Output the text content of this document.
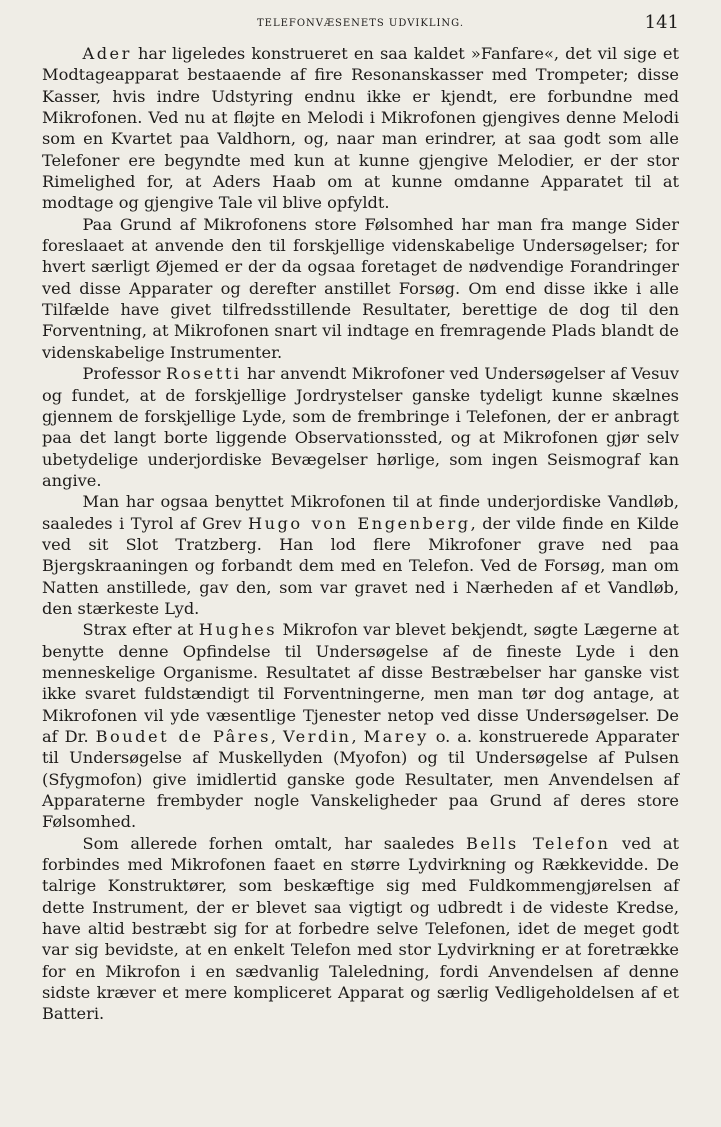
TELEFONVÆSENETS UDVIKLING.	141

Ader har ligeledes konstrueret en saa kaldet »Fanfare«, det vil sige et Modtageapparat bestaaende af fire Resonanskasser med Trompeter; disse Kasser, hvis indre Udstyring endnu ikke er kjendt, ere forbundne med Mikrofonen. Ved nu at fløjte en Melodi i Mikrofonen gjengives denne Melodi som en Kvartet paa Valdhorn, og, naar man erindrer, at saa godt som alle Telefoner ere begyndte med kun at kunne gjengive Melodier, er der stor Rimelighed for, at Aders Haab om at kunne omdanne Apparatet til at modtage og gjengive Tale vil blive opfyldt.

Paa Grund af Mikrofonens store Følsomhed har man fra mange Sider foreslaaet at anvende den til forskjellige videnskabelige Undersøgelser; for hvert særligt Øjemed er der da ogsaa foretaget de nødvendige Forandringer ved disse Apparater og derefter anstillet Forsøg. Om end disse ikke i alle Tilfælde have givet tilfredsstillende Resultater, berettige de dog til den Forventning, at Mikrofonen snart vil indtage en fremragende Plads blandt de videnskabelige Instrumenter.

Professor Rosetti har anvendt Mikrofoner ved Undersøgelser af Vesuv og fundet, at de forskjellige Jordrystelser ganske tydeligt kunne skælnes gjennem de forskjellige Lyde, som de frembringe i Telefonen, der er anbragt paa det langt borte liggende Observationssted, og at Mikrofonen gjør selv ubetydelige underjordiske Bevægelser hørlige, som ingen Seismograf kan angive.

Man har ogsaa benyttet Mikrofonen til at finde underjordiske Vandløb, saaledes i Tyrol af Grev Hugo von Engenberg, der vilde finde en Kilde ved sit Slot Tratzberg. Han lod flere Mikrofoner grave ned paa Bjergskraaningen og forbandt dem med en Telefon. Ved de Forsøg, man om Natten anstillede, gav den, som var gravet ned i Nærheden af et Vandløb, den stærkeste Lyd.

Strax efter at Hughes Mikrofon var blevet bekjendt, søgte Lægerne at benytte denne Opfindelse til Undersøgelse af de fineste Lyde i den menneskelige Organisme. Resultatet af disse Bestræbelser har ganske vist ikke svaret fuldstændigt til Forventningerne, men man tør dog antage, at Mikrofonen vil yde væsentlige Tjenester netop ved disse Undersøgelser. De af Dr. Boudet de Pâres, Verdin, Marey o. a. konstruerede Apparater til Undersøgelse af Muskellyden (Myofon) og til Undersøgelse af Pulsen (Sfygmofon) give imidlertid ganske gode Resultater, men Anvendelsen af Apparaterne frembyder nogle Vanskeligheder paa Grund af deres store Følsomhed.

Som allerede forhen omtalt, har saaledes Bells Telefon ved at forbindes med Mikrofonen faaet en større Lydvirkning og Rækkevidde. De talrige Konstruktører, som beskæftige sig med Fuldkommengjørelsen af dette Instrument, der er blevet saa vigtigt og udbredt i de videste Kredse, have altid bestræbt sig for at forbedre selve Telefonen, idet de meget godt var sig bevidste, at en enkelt Telefon med stor Lydvirkning er at foretrække for en Mikrofon i en sædvanlig Taleledning, fordi Anvendelsen af denne sidste kræver et mere kompliceret Apparat og særlig Vedligeholdelsen af et Batteri.
